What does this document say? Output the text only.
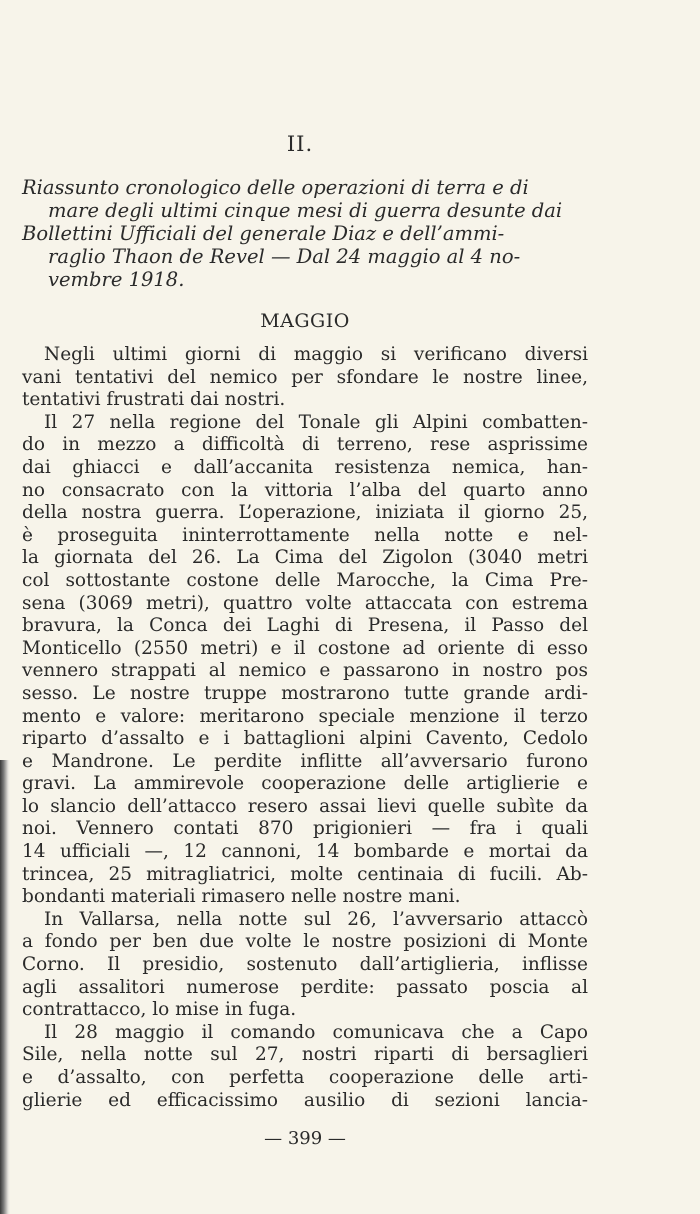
II.
Riassunto cronologico delle operazioni di terra e di
mare degli ultimi cinque mesi di guerra desunte dai
Bollettini Ufficiali del generale Diaz e dell’ammi-
raglio Thaon de Revel — Dal 24 maggio al 4 no-
vembre 1918.
MAGGIO
Negli ultimi giorni di maggio si verificano diversi
vani tentativi del nemico per sfondare le nostre linee,
tentativi frustrati dai nostri.
Il 27 nella regione del Tonale gli Alpini combatten-
do in mezzo a difficoltà di terreno, rese asprissime
dai ghiacci e dall’accanita resistenza nemica, han-
no consacrato con la vittoria l’alba del quarto anno
della nostra guerra. L’operazione, iniziata il giorno 25,
è proseguita ininterrottamente nella notte e nel-
la giornata del 26. La Cima del Zigolon (3040 metri
col sottostante costone delle Marocche, la Cima Pre-
sena (3069 metri), quattro volte attaccata con estrema
bravura, la Conca dei Laghi di Presena, il Passo del
Monticello (2550 metri) e il costone ad oriente di esso
vennero strappati al nemico e passarono in nostro pos
sesso. Le nostre truppe mostrarono tutte grande ardi-
mento e valore: meritarono speciale menzione il terzo
riparto d’assalto e i battaglioni alpini Cavento, Cedolo
e Mandrone. Le perdite inflitte all’avversario furono
gravi. La ammirevole cooperazione delle artiglierie e
lo slancio dell’attacco resero assai lievi quelle subìte da
noi. Vennero contati 870 prigionieri — fra i quali
14 ufficiali —, 12 cannoni, 14 bombarde e mortai da
trincea, 25 mitragliatrici, molte centinaia di fucili. Ab-
bondanti materiali rimasero nelle nostre mani.
In Vallarsa, nella notte sul 26, l’avversario attaccò
a fondo per ben due volte le nostre posizioni di Monte
Corno. Il presidio, sostenuto dall’artiglieria, inflisse
agli assalitori numerose perdite: passato poscia al
contrattacco, lo mise in fuga.
Il 28 maggio il comando comunicava che a Capo
Sile, nella notte sul 27, nostri riparti di bersaglieri
e d’assalto, con perfetta cooperazione delle arti-
glierie ed efficacissimo ausilio di sezioni lancia-
— 399 —
